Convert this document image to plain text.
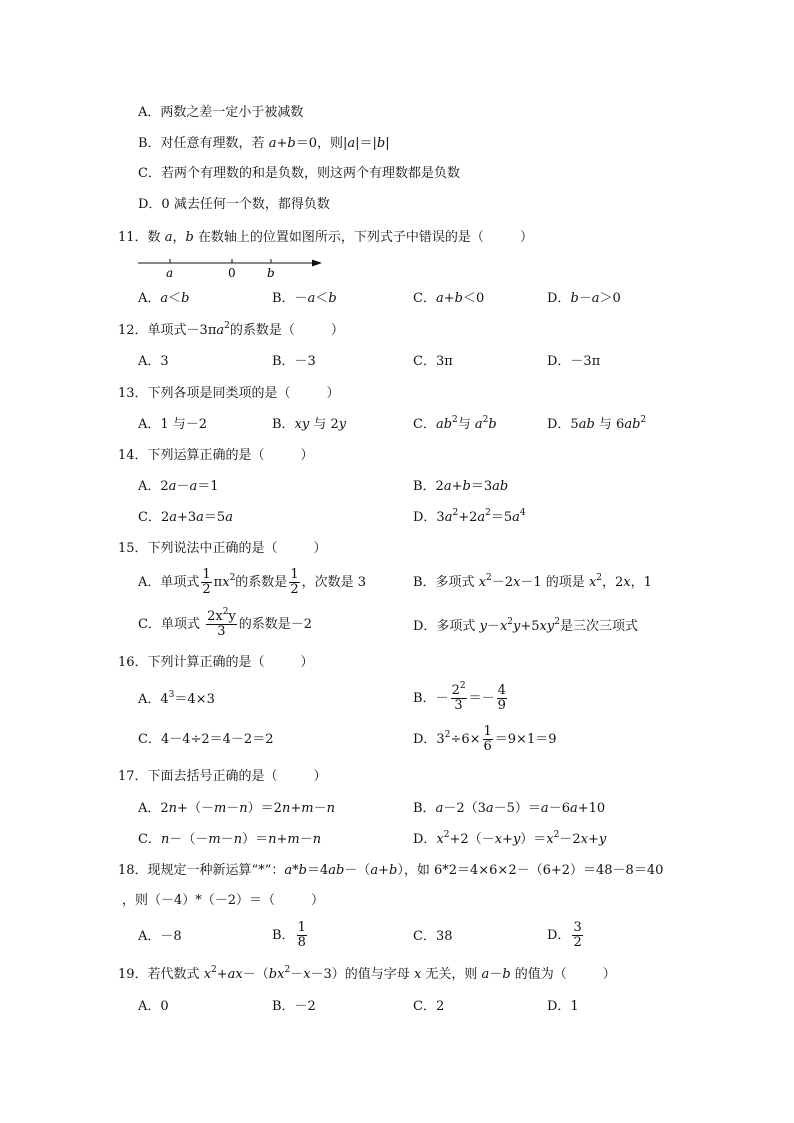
A．两数之差一定小于被减数
B．对任意有理数，若 a+b＝0，则|a|＝|b|
C．若两个有理数的和是负数，则这两个有理数都是负数
D．0 减去任何一个数，都得负数
11．数 a，b 在数轴上的位置如图所示，下列式子中错误的是（	）
a	0	b
A．a＜b	B．－a＜b	C．a+b＜0	D．b－a＞0
12．单项式$-3\pi a^2$的系数是（	）
A．3	B．－3	C．3π	D．－3π
13．下列各项是同类项的是（	）
A．1 与－2	B．xy 与 2y	C．$ab^2$与 $a^2b$	D．5ab 与 $6ab^2$
14．下列运算正确的是（	）
A．2a－a＝1	B．2a+b＝3ab
C．2a+3a＝5a	D．$3a^2+2a^2=5a^4$
15．下列说法中正确的是（	）
A．单项式 $\frac{1}{2} \pi x^2$的系数是 $\frac{1}{2}$ ，次数是 3	B．多项式 $x^2-2x-1$ 的项是 $x^2$，2x，1
C．单项式 $\frac{2x^2y}{3}$ 的系数是－2	D．多项式 $y-x^2y+5xy^2$是三次三项式
16．下列计算正确的是（	）
A．$4^3=4\times 3$	B．－ $\frac{2^2}{3} =- \frac{4}{9}$
C．4－4÷2＝4－2＝2	D．$3^2\div 6\times \frac{1}{6} =9\times 1=9$
17．下面去括号正确的是（	）
A．2n+（－m－n）＝2n+m－n	B．a－2（3a－5）＝a－6a+10
C．n－（－m－n）＝n+m－n	D．$x^2+2(-x+y)=x^2-2x+y$
18．现规定一种新运算“*”：a*b＝4ab－（a+b），如 6*2＝4×6×2－（6+2）＝48－8＝40
，则（－4）*（－2）＝（	）
A．－8	B． $\frac{1}{8}$	C．38	D． $\frac{3}{2}$
19．若代数式 $x^2+ax-(bx^2-x-3)$的值与字母 x 无关，则 a－b 的值为（	）
A．0	B．－2	C．2	D．1
